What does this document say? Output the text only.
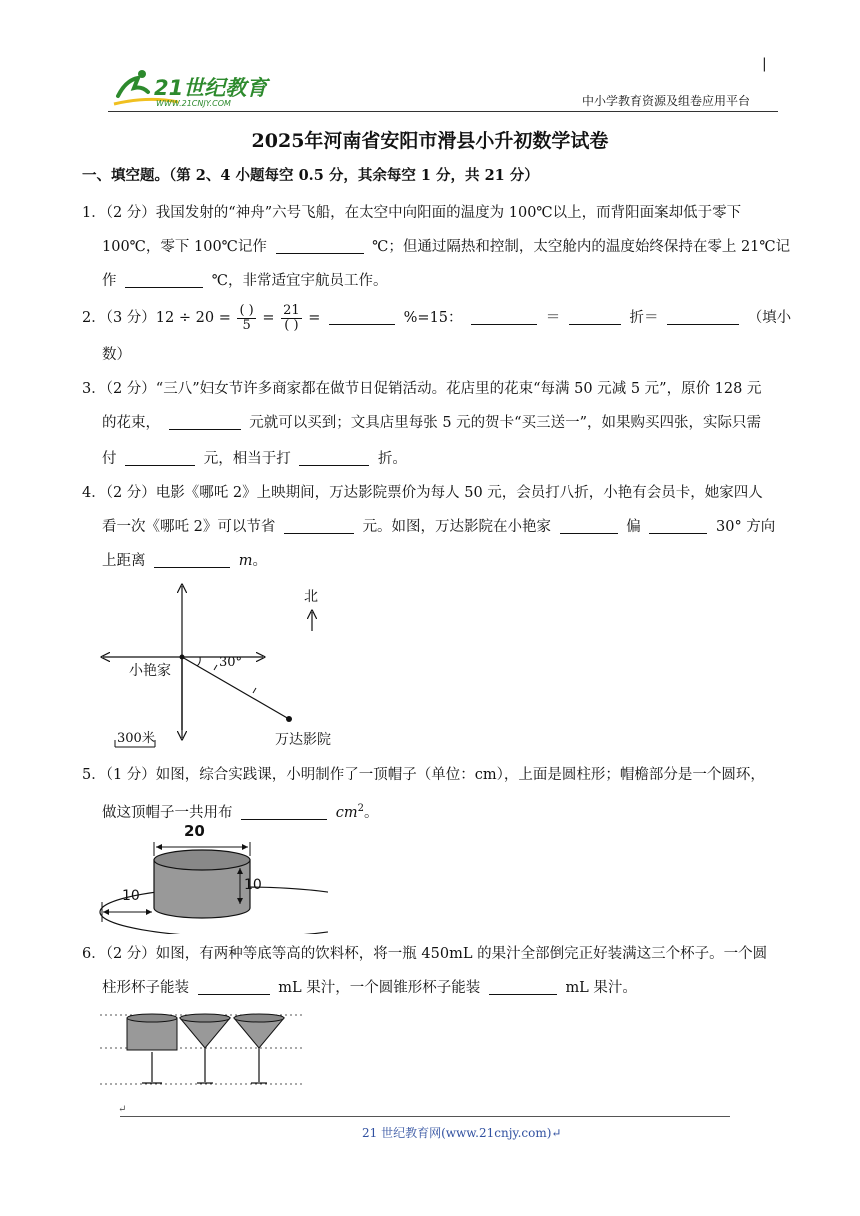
21世纪教育
WWW.21CNJY.COM
|
中小学教育资源及组卷应用平台
2025年河南省安阳市滑县小升初数学试卷
一、填空题。（第 2、4 小题每空 0.5 分，其余每空 1 分，共 21 分）
1．（2 分）我国发射的“神舟”六号飞船，在太空中向阳面的温度为 100℃以上，而背阳面案却低于零下
100℃，零下 100℃记作	℃；但通过隔热和控制，太空舱内的温度始终保持在零上 21℃记
作	℃，非常适宜宇航员工作。
2．（3 分）$12 \div 20 = \frac{( )}{5} = \frac{21}{( )}$ =	%=15：	＝	折＝	（填小
数）
3．（2 分）“三八”妇女节许多商家都在做节日促销活动。花店里的花束“每满 50 元减 5 元”，原价 128 元
的花束，	元就可以买到；文具店里每张 5 元的贺卡“买三送一”，如果购买四张，实际只需
付	元，相当于打	折。
4．（2 分）电影《哪吒 2》上映期间，万达影院票价为每人 50 元，会员打八折，小艳有会员卡，她家四人
看一次《哪吒 2》可以节省	元。如图，万达影院在小艳家	偏	30° 方向
上距离	m。
北
小艳家
30°
万达影院
300米
5．（1 分）如图，综合实践课，小明制作了一顶帽子（单位：cm），上面是圆柱形；帽檐部分是一个圆环，
做这顶帽子一共用布	$cm^2$。
20
10
10
6．（2 分）如图，有两种等底等高的饮料杯，将一瓶 450mL 的果汁全部倒完正好装满这三个杯子。一个圆
柱形杯子能装	mL 果汁，一个圆锥形杯子能装	mL 果汁。
↵
21 世纪教育网(www.21cnjy.com)↵
